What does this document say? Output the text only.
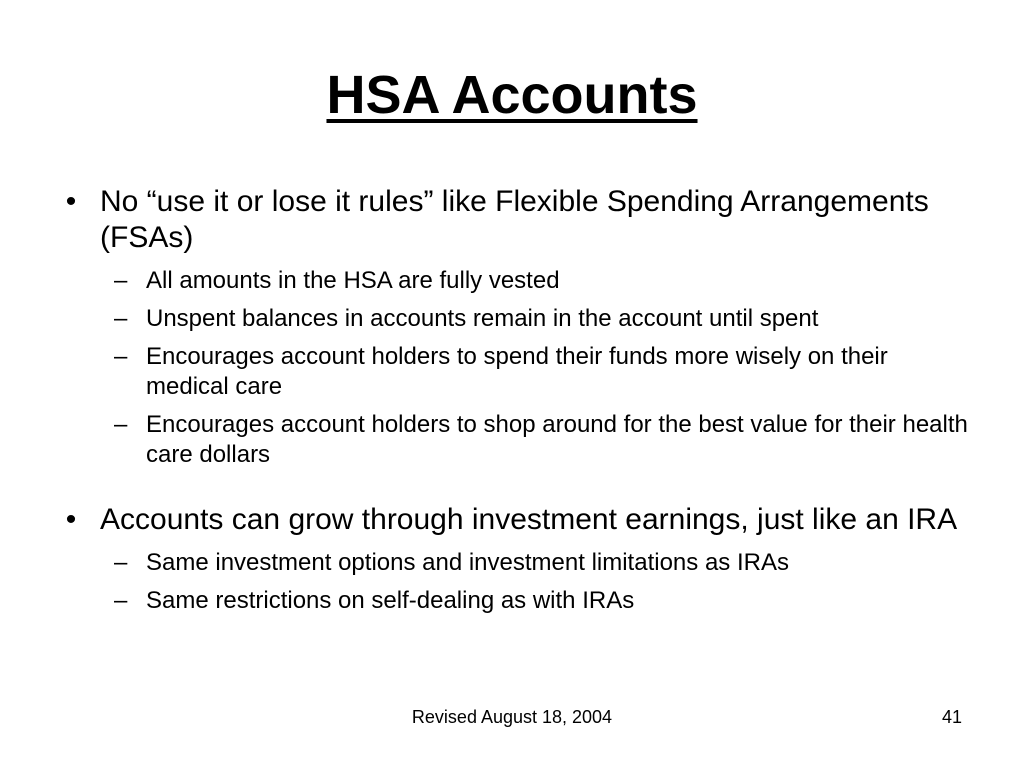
HSA Accounts
• No “use it or lose it rules” like Flexible Spending Arrangements (FSAs)
– All amounts in the HSA are fully vested
– Unspent balances in accounts remain in the account until spent
– Encourages account holders to spend their funds more wisely on their medical care
– Encourages account holders to shop around for the best value for their health care dollars
• Accounts can grow through investment earnings, just like an IRA
– Same investment options and investment limitations as IRAs
– Same restrictions on self-dealing as with IRAs
Revised August 18, 2004	41
